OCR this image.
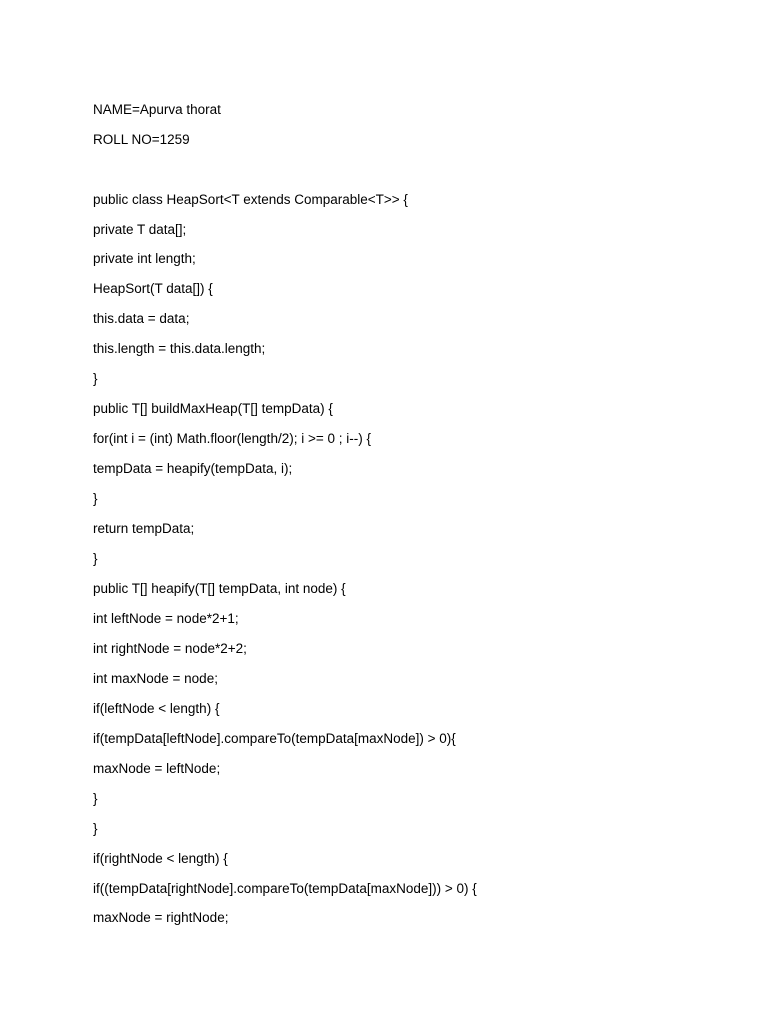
NAME=Apurva thorat

ROLL NO=1259

public class HeapSort<T extends Comparable<T>> {

private T data[];

private int length;

HeapSort(T data[]) {

this.data = data;

this.length = this.data.length;

}

public T[] buildMaxHeap(T[] tempData) {

for(int i = (int) Math.floor(length/2); i >= 0 ; i--) {

tempData = heapify(tempData, i);

}

return tempData;

}

public T[] heapify(T[] tempData, int node) {

int leftNode = node*2+1;

int rightNode = node*2+2;

int maxNode = node;

if(leftNode < length) {

if(tempData[leftNode].compareTo(tempData[maxNode]) > 0){

maxNode = leftNode;

}

}

if(rightNode < length) {

if((tempData[rightNode].compareTo(tempData[maxNode])) > 0) {

maxNode = rightNode;
